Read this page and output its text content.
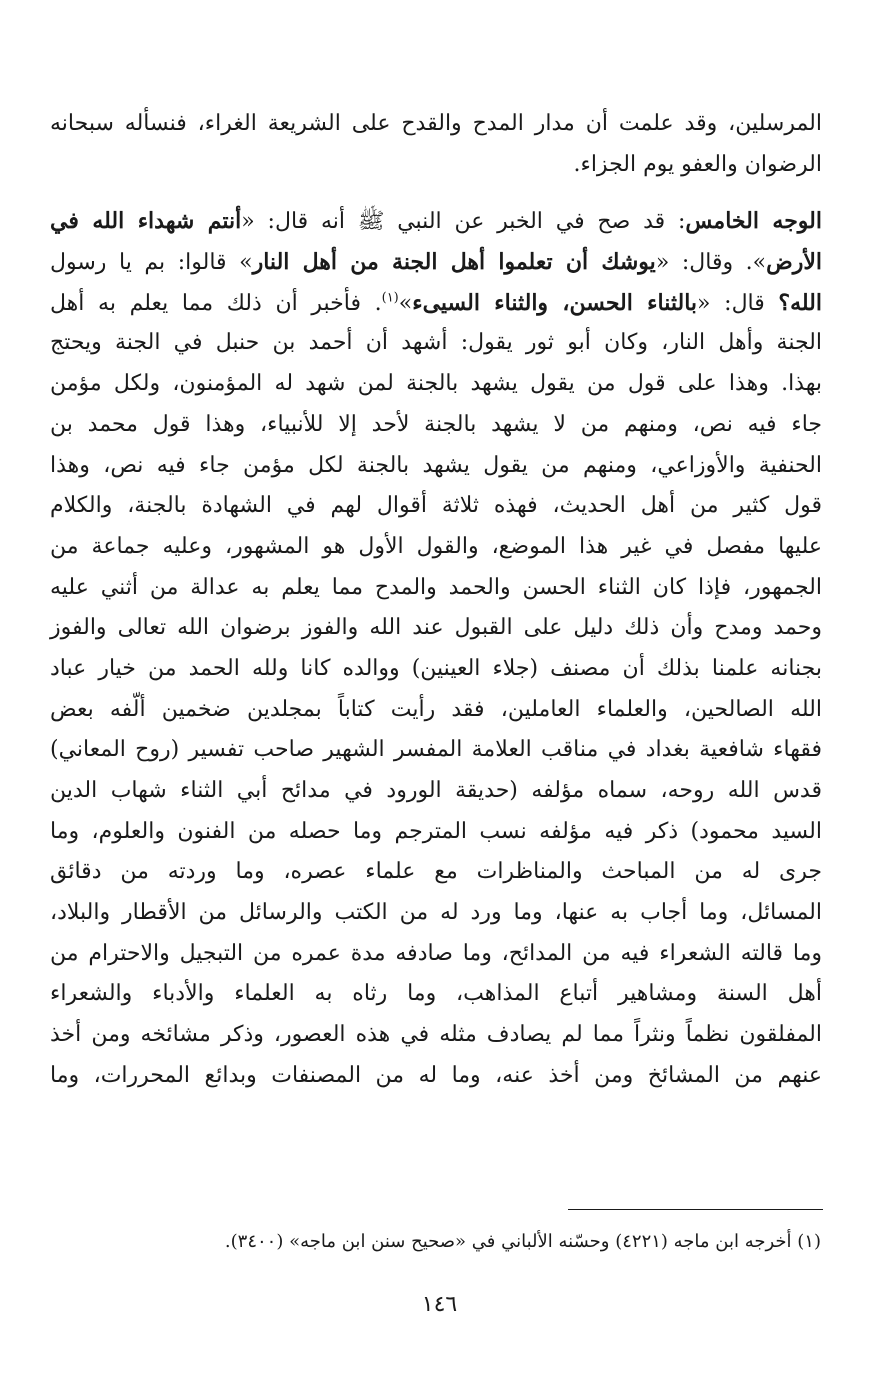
المرسلين، وقد علمت أن مدار المدح والقدح على الشريعة الغراء، فنسأله سبحانه
الرضوان والعفو يوم الجزاء.
الوجه الخامس: قد صح في الخبر عن النبي ﷺ أنه قال: «أنتم شهداء الله في
الأرض». وقال: «يوشك أن تعلموا أهل الجنة من أهل النار» قالوا: بم يا رسول
الله؟ قال: «بالثناء الحسن، والثناء السيىء»$^{(١)}$. فأخبر أن ذلك مما يعلم به أهل
الجنة وأهل النار، وكان أبو ثور يقول: أشهد أن أحمد بن حنبل في الجنة ويحتج
بهذا. وهذا على قول من يقول يشهد بالجنة لمن شهد له المؤمنون، ولكل مؤمن
جاء فيه نص، ومنهم من لا يشهد بالجنة لأحد إلا للأنبياء، وهذا قول محمد بن
الحنفية والأوزاعي، ومنهم من يقول يشهد بالجنة لكل مؤمن جاء فيه نص، وهذا
قول كثير من أهل الحديث، فهذه ثلاثة أقوال لهم في الشهادة بالجنة، والكلام
عليها مفصل في غير هذا الموضع، والقول الأول هو المشهور، وعليه جماعة من
الجمهور، فإذا كان الثناء الحسن والحمد والمدح مما يعلم به عدالة من أثني عليه
وحمد ومدح وأن ذلك دليل على القبول عند الله والفوز برضوان الله تعالى والفوز
بجنانه علمنا بذلك أن مصنف (جلاء العينين) ووالده كانا ولله الحمد من خيار عباد
الله الصالحين، والعلماء العاملين، فقد رأيت كتاباً بمجلدين ضخمين ألّفه بعض
فقهاء شافعية بغداد في مناقب العلامة المفسر الشهير صاحب تفسير (روح المعاني)
قدس الله روحه، سماه مؤلفه (حديقة الورود في مدائح أبي الثناء شهاب الدين
السيد محمود) ذكر فيه مؤلفه نسب المترجم وما حصله من الفنون والعلوم، وما
جرى له من المباحث والمناظرات مع علماء عصره، وما وردته من دقائق
المسائل، وما أجاب به عنها، وما ورد له من الكتب والرسائل من الأقطار والبلاد،
وما قالته الشعراء فيه من المدائح، وما صادفه مدة عمره من التبجيل والاحترام من
أهل السنة ومشاهير أتباع المذاهب، وما رثاه به العلماء والأدباء والشعراء
المفلقون نظماً ونثراً مما لم يصادف مثله في هذه العصور، وذكر مشائخه ومن أخذ
عنهم من المشائخ ومن أخذ عنه، وما له من المصنفات وبدائع المحررات، وما
(١) أخرجه ابن ماجه (٤٢٢١) وحسّنه الألباني في «صحيح سنن ابن ماجه» (٣٤٠٠).
١٤٦
